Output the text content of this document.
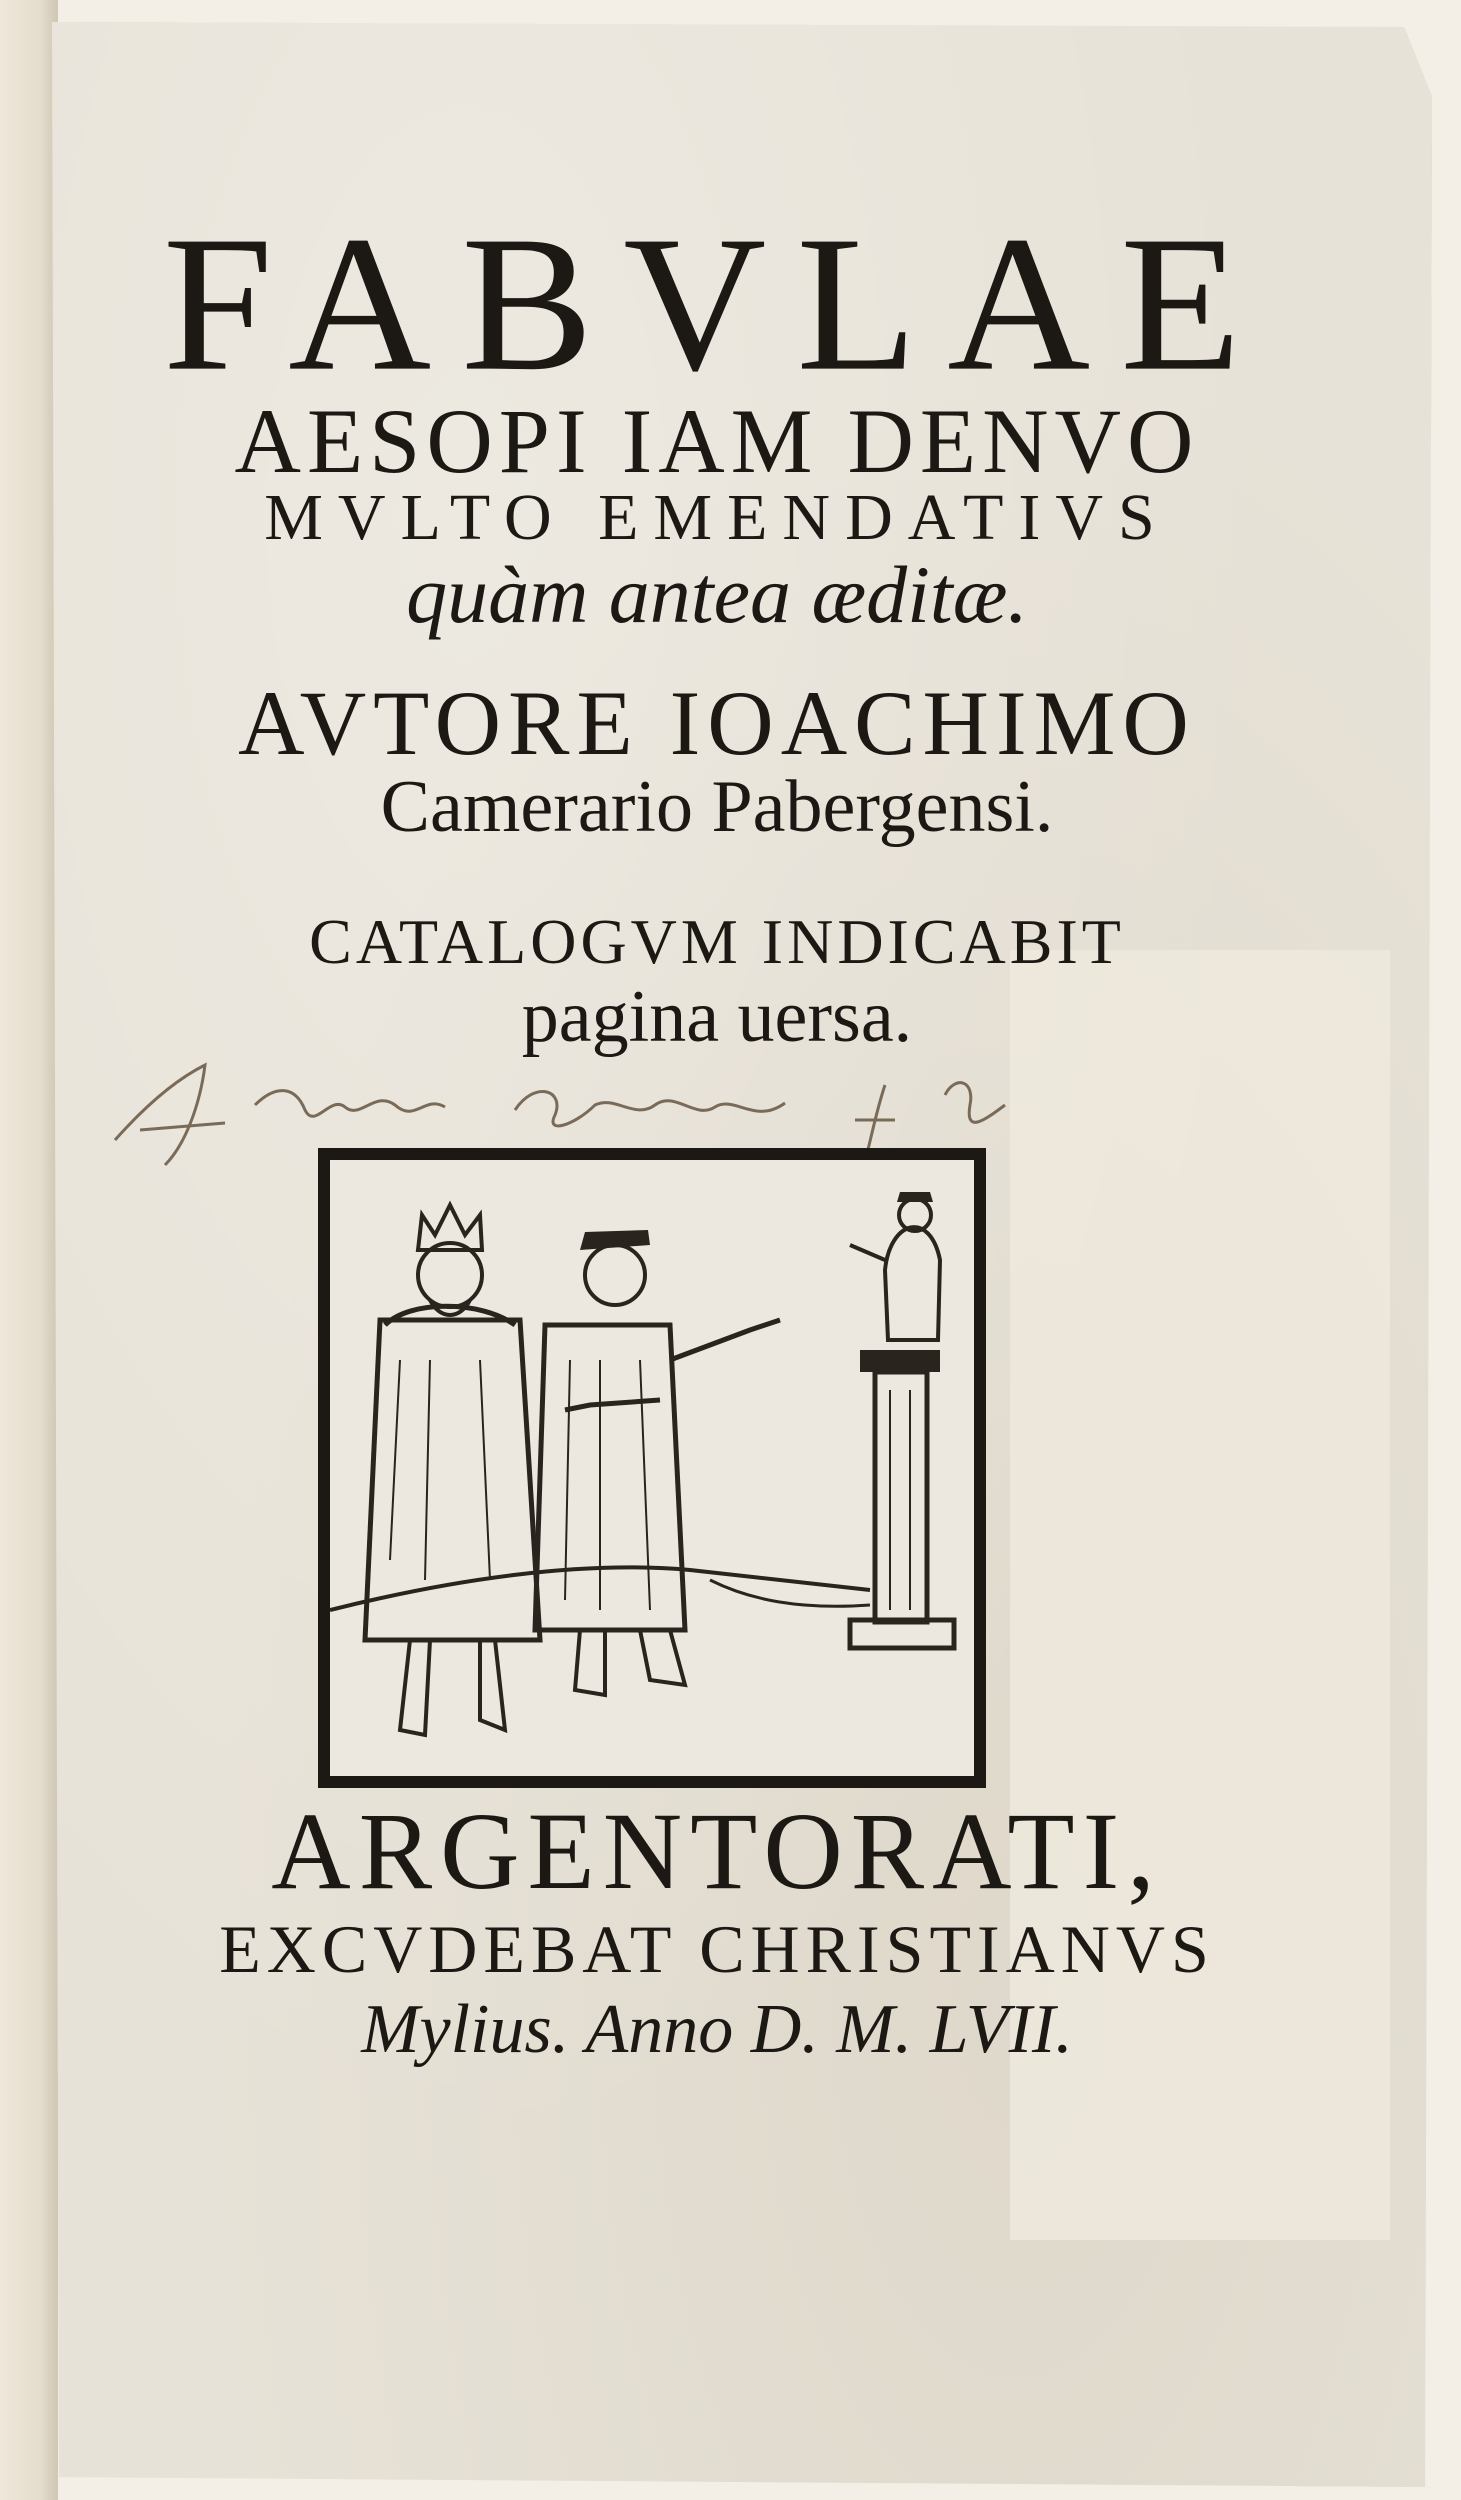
FABVLAE
AESOPI IAM DENVO
MVLTO EMENDATIVS
quàm antea æditæ.
AVTORE IOACHIMO
Camerario Pabergensi.
CATALOGVM INDICABIT
pagina uersa.
ARGENTORATI,
EXCVDEBAT CHRISTIANVS
Mylius. Anno D. M. LVII.
